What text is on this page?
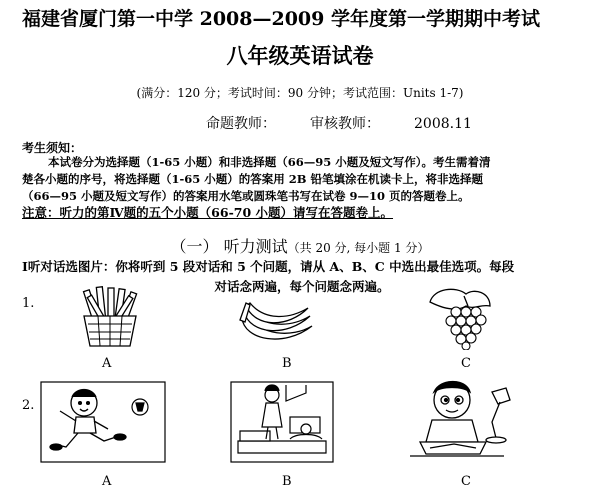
福建省厦门第一中学 2008—2009 学年度第一学期期中考试
八年级英语试卷
(满分：120 分；考试时间：90 分钟；考试范围：Units 1-7)
命题教师： 审核教师： 2008.11
考生须知：

本试卷分为选择题（1-65 小题）和非选择题（66—95 小题及短文写作）。考生需着清

楚各小题的序号，将选择题（1-65 小题）的答案用 2B 铅笔填涂在机读卡上，将非选择题

（66—95 小题及短文写作）的答案用水笔或圆珠笔书写在试卷 9—10 页的答题卷上。

注意：听力的第Ⅳ题的五个小题（66-70 小题）请写在答题卷上。
（一） 听力测试（共 20 分, 每小题 1 分）
Ⅰ听对话选图片：你将听到 5 段对话和 5 个问题，请从 A、B、C 中选出最佳选项。每段
对话念两遍，每个问题念两遍。
1.
A	B	C
2.
A	B	C
